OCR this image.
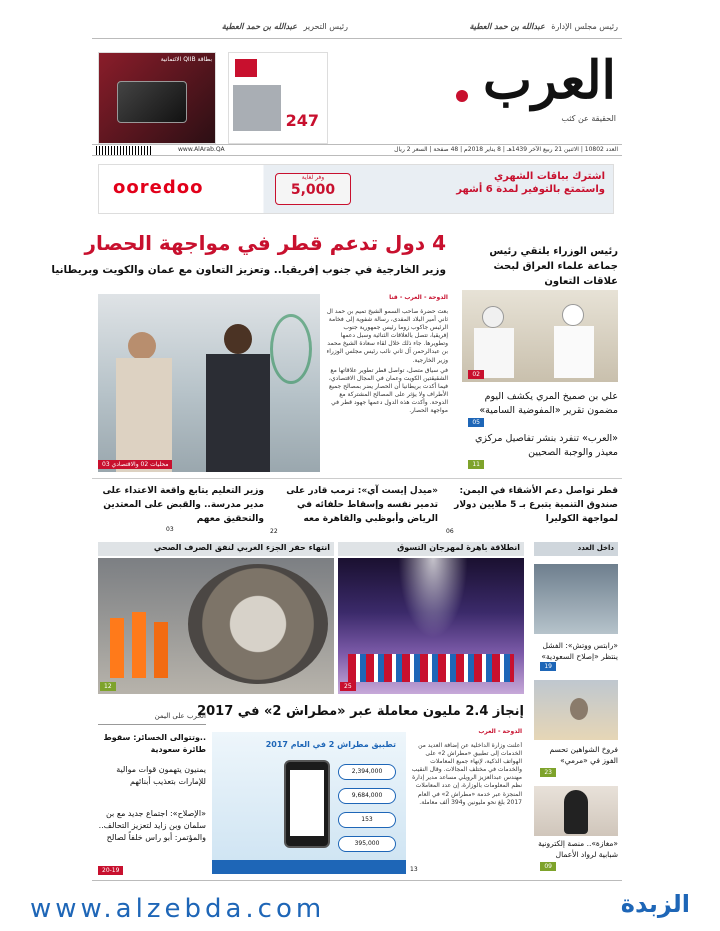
رئيس مجلس الإدارة عبدالله بن حمد العطية
رئيس التحرير عبدالله بن حمد العطية
العرب
الحقيقة عن كثب
بطاقة QIIB الائتمانية
247
العدد 10802 | الاثنين 21 ربيع الآخر 1439هـ | 8 يناير 2018م | 48 صفحة | السعر 2 ريال
www.AlArab.QA
ooredoo	وفر لغاية
5,000
اشترك بباقات الشهري واستمتع بالتوفير لمدة 6 أشهر
4 دول تدعم قطر في مواجهة الحصار
وزير الخارجية في جنوب إفريقيا.. وتعزيز التعاون مع عمان والكويت وبريطانيا
الدوحة - العرب - قنا

بعث حضرة صاحب السمو الشيخ تميم بن حمد آل ثاني أمير البلاد المفدى، رسالة شفوية إلى فخامة الرئيس جاكوب زوما رئيس جمهورية جنوب إفريقيا، تتصل بالعلاقات الثنائية وسبل دعمها وتطويرها. جاء ذلك خلال لقاء سعادة الشيخ محمد بن عبدالرحمن آل ثاني نائب رئيس مجلس الوزراء وزير الخارجية.

في سياق متصل، تواصل قطر تطوير علاقاتها مع الشقيقتين الكويت وعمان في المجال الاقتصادي، فيما أكدت بريطانيا أن الحصار يضر بمصالح جميع الأطراف ولا يؤثر على المصالح المشتركة مع الدوحة. وأكدت هذه الدول دعمها جهود قطر في مواجهة الحصار.

محليات 02 والاقتصادي 03
رئيس الوزراء يلتقي رئيس جماعة علماء العراق لبحث علاقات التعاون
02
علي بن صميخ المري يكشف اليوم مضمون تقرير «المفوضية السامية»
05
«العرب» تنفرد بنشر تفاصيل مركزي معيذر والوجبة الصحيين
11
قطر تواصل دعم الأشقاء في اليمن: صندوق التنمية يتبرع بـ 5 ملايين دولار لمواجهة الكوليرا
06
«ميدل إيست آي»: ترمب قادر على تدمير نفسه وإسقاط حلفائه في الرياض وأبوظبي والقاهرة معه
22
وزير التعليم يتابع واقعة الاعتداء على مدير مدرسة.. والقبض على المعتدين والتحقيق معهم
03
داخل العدد
«رابتس ووتش»: الفشل ينتظر «إصلاح السعودية»
19
فروخ الشواهين تحسم الفوز في «مرمي»
23
«مغازة».. منصة إلكترونية شبابية لرواد الأعمال
09
انطلاقة باهرة لمهرجان التسوق
25
انتهاء حفر الجزء الغربي لنفق الصرف الصحي
12
إنجاز 2.4 مليون معاملة عبر «مطراش 2» في 2017
الدوحة - العرب
أعلنت وزارة الداخلية عن إضافة العديد من الخدمات إلى تطبيق «مطراش 2» على الهواتف الذكية، لإنهاء جميع المعاملات والخدمات في مختلف المجالات. وقال النقيب مهندس عبدالعزيز الرويلي مساعد مدير إدارة نظم المعلومات بالوزارة، إن عدد المعاملات المنجزة عبر خدمة «مطراش 2» في العام 2017 بلغ نحو مليونين و394 ألف معاملة.
13
تطبيق مطراش 2 في العام 2017
2,394,000
9,684,000
153
395,000
الحرب على اليمن
..وتتوالى الخسائر: سقوط طائرة سعودية
يمنيون يتهمون قوات موالية للإمارات بتعذيب أبنائهم
«الإصلاح»: اجتماع جديد مع بن سلمان وبن زايد لتعزيز التحالف.. والمؤتمر: أبو راس خلفاً لصالح
20-19
www.alzebda.com	الزبدة
